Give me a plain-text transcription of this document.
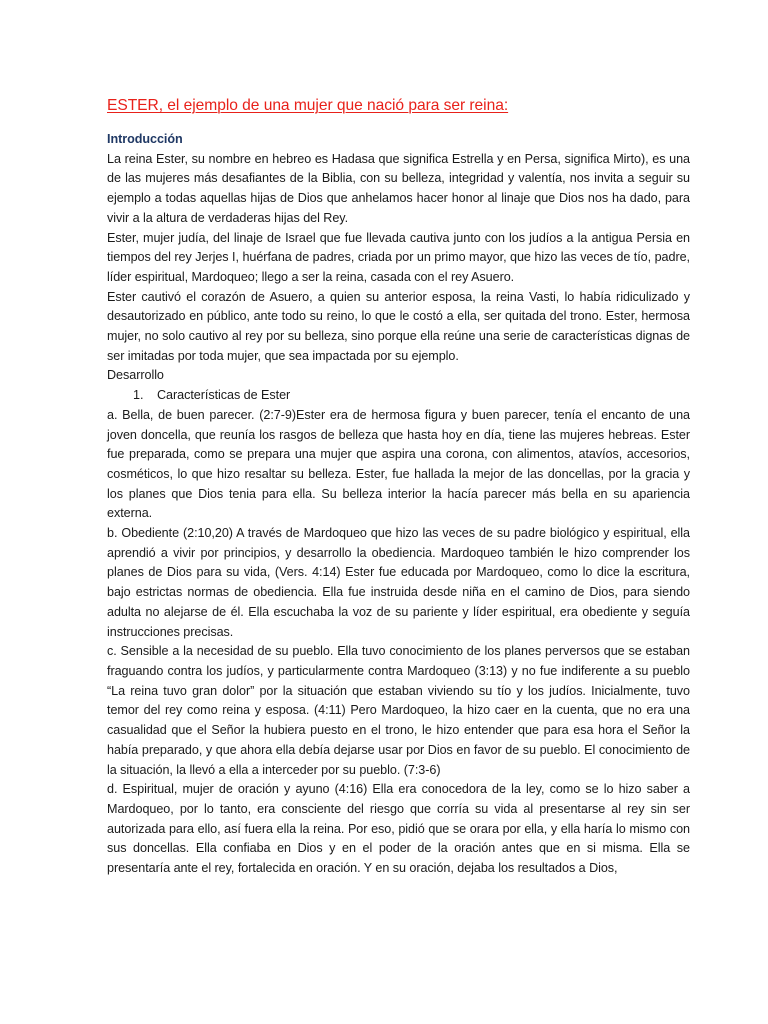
ESTER, el ejemplo de una mujer que nació para ser reina:

Introducción

La reina Ester, su nombre en hebreo es Hadasa que significa Estrella y en Persa, significa Mirto), es una de las mujeres más desafiantes de la Biblia, con su belleza, integridad y valentía, nos invita a seguir su ejemplo a todas aquellas hijas de Dios que anhelamos hacer honor al linaje que Dios nos ha dado, para vivir a la altura de verdaderas hijas del Rey.

Ester, mujer judía, del linaje de Israel que fue llevada cautiva junto con los judíos a la antigua Persia en tiempos del rey Jerjes I, huérfana de padres, criada por un primo mayor, que hizo las veces de tío, padre, líder espiritual, Mardoqueo; llego a ser la reina, casada con el rey Asuero.

Ester cautivó el corazón de Asuero, a quien su anterior esposa, la reina Vasti, lo había ridiculizado y desautorizado en público, ante todo su reino, lo que le costó a ella, ser quitada del trono. Ester, hermosa mujer, no solo cautivo al rey por su belleza, sino porque ella reúne una serie de características dignas de ser imitadas por toda mujer, que sea impactada por su ejemplo.

Desarrollo

1.	Características de Ester

a. Bella, de buen parecer. (2:7-9)Ester era de hermosa figura y buen parecer, tenía el encanto de una joven doncella, que reunía los rasgos de belleza que hasta hoy en día, tiene las mujeres hebreas. Ester fue preparada, como se prepara una mujer que aspira una corona, con alimentos, atavíos, accesorios, cosméticos, lo que hizo resaltar su belleza. Ester, fue hallada la mejor de las doncellas, por la gracia y los planes que Dios tenia para ella. Su belleza interior la hacía parecer más bella en su apariencia externa.

b. Obediente (2:10,20) A través de Mardoqueo que hizo las veces de su padre biológico y espiritual, ella aprendió a vivir por principios, y desarrollo la obediencia. Mardoqueo también le hizo comprender los planes de Dios para su vida, (Vers. 4:14) Ester fue educada por Mardoqueo, como lo dice la escritura, bajo estrictas normas de obediencia. Ella fue instruida desde niña en el camino de Dios, para siendo adulta no alejarse de él. Ella escuchaba la voz de su pariente y líder espiritual, era obediente y seguía instrucciones precisas.

c. Sensible a la necesidad de su pueblo. Ella tuvo conocimiento de los planes perversos que se estaban fraguando contra los judíos, y particularmente contra Mardoqueo (3:13) y no fue indiferente a su pueblo “La reina tuvo gran dolor” por la situación que estaban viviendo su tío y los judíos. Inicialmente, tuvo temor del rey como reina y esposa. (4:11) Pero Mardoqueo, la hizo caer en la cuenta, que no era una casualidad que el Señor la hubiera puesto en el trono, le hizo entender que para esa hora el Señor la había preparado, y que ahora ella debía dejarse usar por Dios en favor de su pueblo. El conocimiento de la situación, la llevó a ella a interceder por su pueblo. (7:3-6)

d. Espiritual, mujer de oración y ayuno (4:16) Ella era conocedora de la ley, como se lo hizo saber a Mardoqueo, por lo tanto, era consciente del riesgo que corría su vida al presentarse al rey sin ser autorizada para ello, así fuera ella la reina. Por eso, pidió que se orara por ella, y ella haría lo mismo con sus doncellas. Ella confiaba en Dios y en el poder de la oración antes que en si misma. Ella se presentaría ante el rey, fortalecida en oración. Y en su oración, dejaba los resultados a Dios,
